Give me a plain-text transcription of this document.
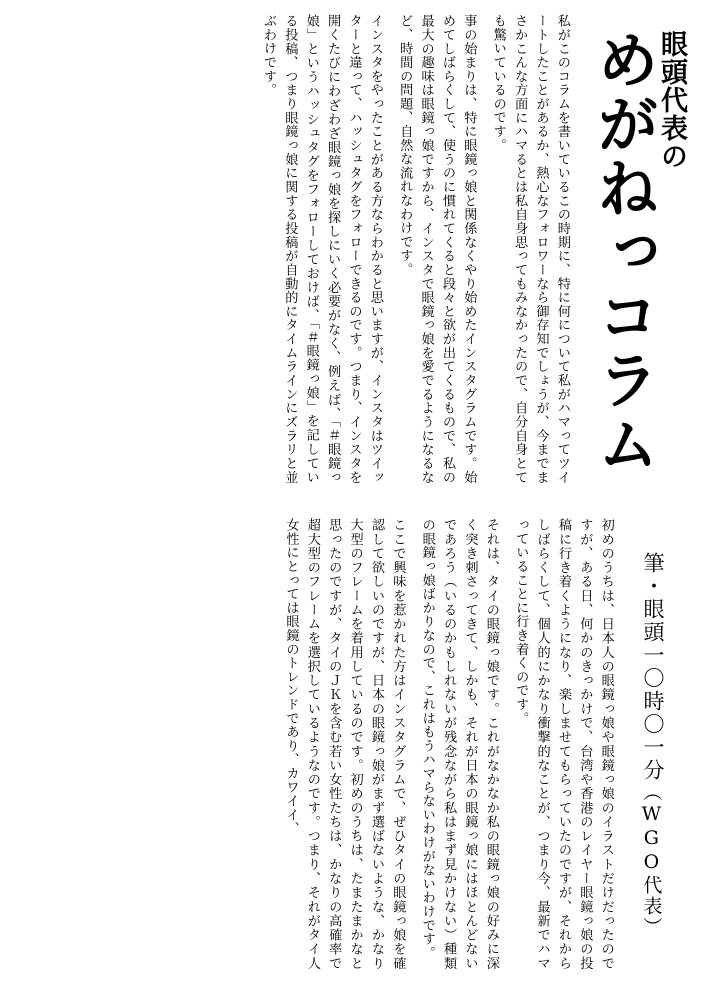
めがねっコラム
眼頭代表の
私がこのコラムを書いているこの時期に、特に何について私がハマってツイートしたことがあるか、熱心なフォロワーなら御存知でしょうが、今までまさかこんな方面にハマるとは私自身思ってもみなかったので、自分自身とても驚いているのです。
事の始まりは、特に眼鏡っ娘と関係なくやり始めたインスタグラムです。始めてしばらくして、使うのに慣れてくると段々と欲が出てくるもので、私の最大の趣味は眼鏡っ娘ですから、インスタで眼鏡っ娘を愛でるようになるなど、時間の問題、自然な流れなわけです。
インスタをやったことがある方ならわかると思いますが、インスタはツイッターと違って、ハッシュタグをフォローできるのです。つまり、インスタを開くたびにわざわざ眼鏡っ娘を探しにいく必要がなく、例えば、「＃眼鏡っ娘」というハッシュタグをフォローしておけば、「＃眼鏡っ娘」を記している投稿、つまり眼鏡っ娘に関する投稿が自動的にタイムラインにズラリと並ぶわけです。
筆・眼頭一〇時〇一分
（WGO代表）
初めのうちは、日本人の眼鏡っ娘や眼鏡っ娘のイラストだけだったのですが、ある日、何かのきっかけで、台湾や香港のレイヤー眼鏡っ娘の投稿に行き着くようになり、楽しませてもらっていたのですが、それからしばらくして、個人的にかなり衝撃的なことが、つまり今、最新でハマっていることに行き着くのです。
それは、タイの眼鏡っ娘です。これがなかなか私の眼鏡っ娘の好みに深く突き刺さってきて、しかも、それが日本の眼鏡っ娘にはほとんどないであろう（いるのかもしれないが残念ながら私はまず見かけない）種類の眼鏡っ娘ばかりなので、これはもうハマらないわけがないわけです。
ここで興味を惹かれた方はインスタグラムで、ぜひタイの眼鏡っ娘を確認して欲しいのですが、日本の眼鏡っ娘がまず選ばないような、かなり大型のフレームを着用しているのです。初めのうちは、たまたまかなと思ったのですが、タイのＪＫを含む若い女性たちは、かなりの高確率で超大型のフレームを選択しているようなのです。つまり、それがタイ人女性にとっては眼鏡のトレンドであり、カワイイ、
